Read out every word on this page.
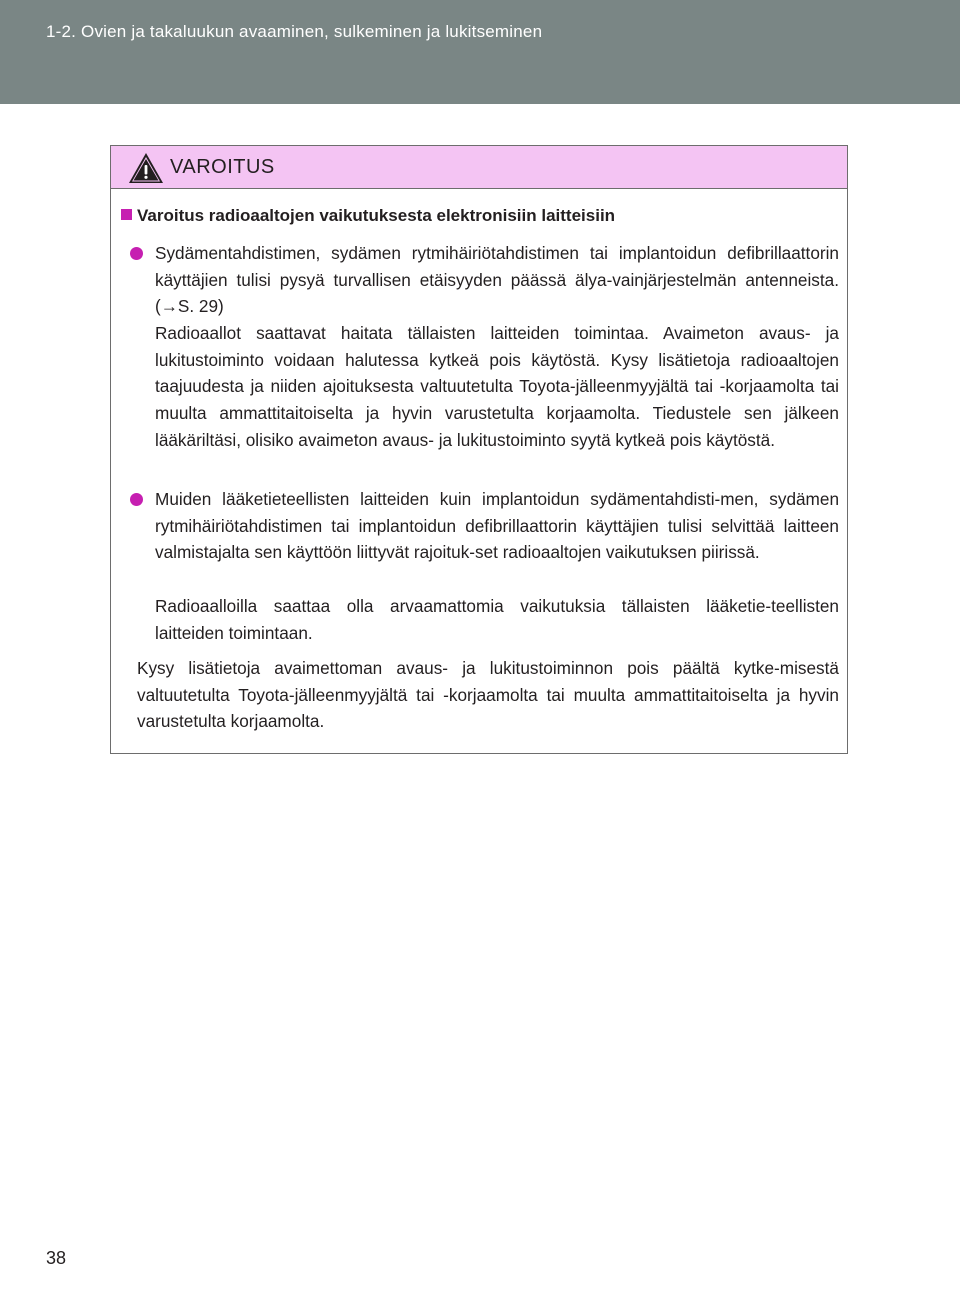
1-2. Ovien ja takaluukun avaaminen, sulkeminen ja lukitseminen
VAROITUS
Varoitus radioaaltojen vaikutuksesta elektronisiin laitteisiin

Sydämentahdistimen, sydämen rytmihäiriötahdistimen tai implantoidun defibrillaattorin käyttäjien tulisi pysyä turvallisen etäisyyden päässä älya-vainjärjestelmän antenneista. (→S. 29)

Radioaallot saattavat haitata tällaisten laitteiden toimintaa. Avaimeton avaus- ja lukitustoiminto voidaan halutessa kytkeä pois käytöstä. Kysy lisätietoja radioaaltojen taajuudesta ja niiden ajoituksesta valtuutetulta Toyota-jälleenmyyjältä tai -korjaamolta tai muulta ammattitaitoiselta ja hyvin varustetulta korjaamolta. Tiedustele sen jälkeen lääkäriltäsi, olisiko avaimeton avaus- ja lukitustoiminto syytä kytkeä pois käytöstä.

Muiden lääketieteellisten laitteiden kuin implantoidun sydämentahdisti-men, sydämen rytmihäiriötahdistimen tai implantoidun defibrillaattorin käyttäjien tulisi selvittää laitteen valmistajalta sen käyttöön liittyvät rajoituk-set radioaaltojen vaikutuksen piirissä.

Radioaalloilla saattaa olla arvaamattomia vaikutuksia tällaisten lääketie-teellisten laitteiden toimintaan.

Kysy lisätietoja avaimettoman avaus- ja lukitustoiminnon pois päältä kytke-misestä valtuutetulta Toyota-jälleenmyyjältä tai -korjaamolta tai muulta ammattitaitoiselta ja hyvin varustetulta korjaamolta.

38
